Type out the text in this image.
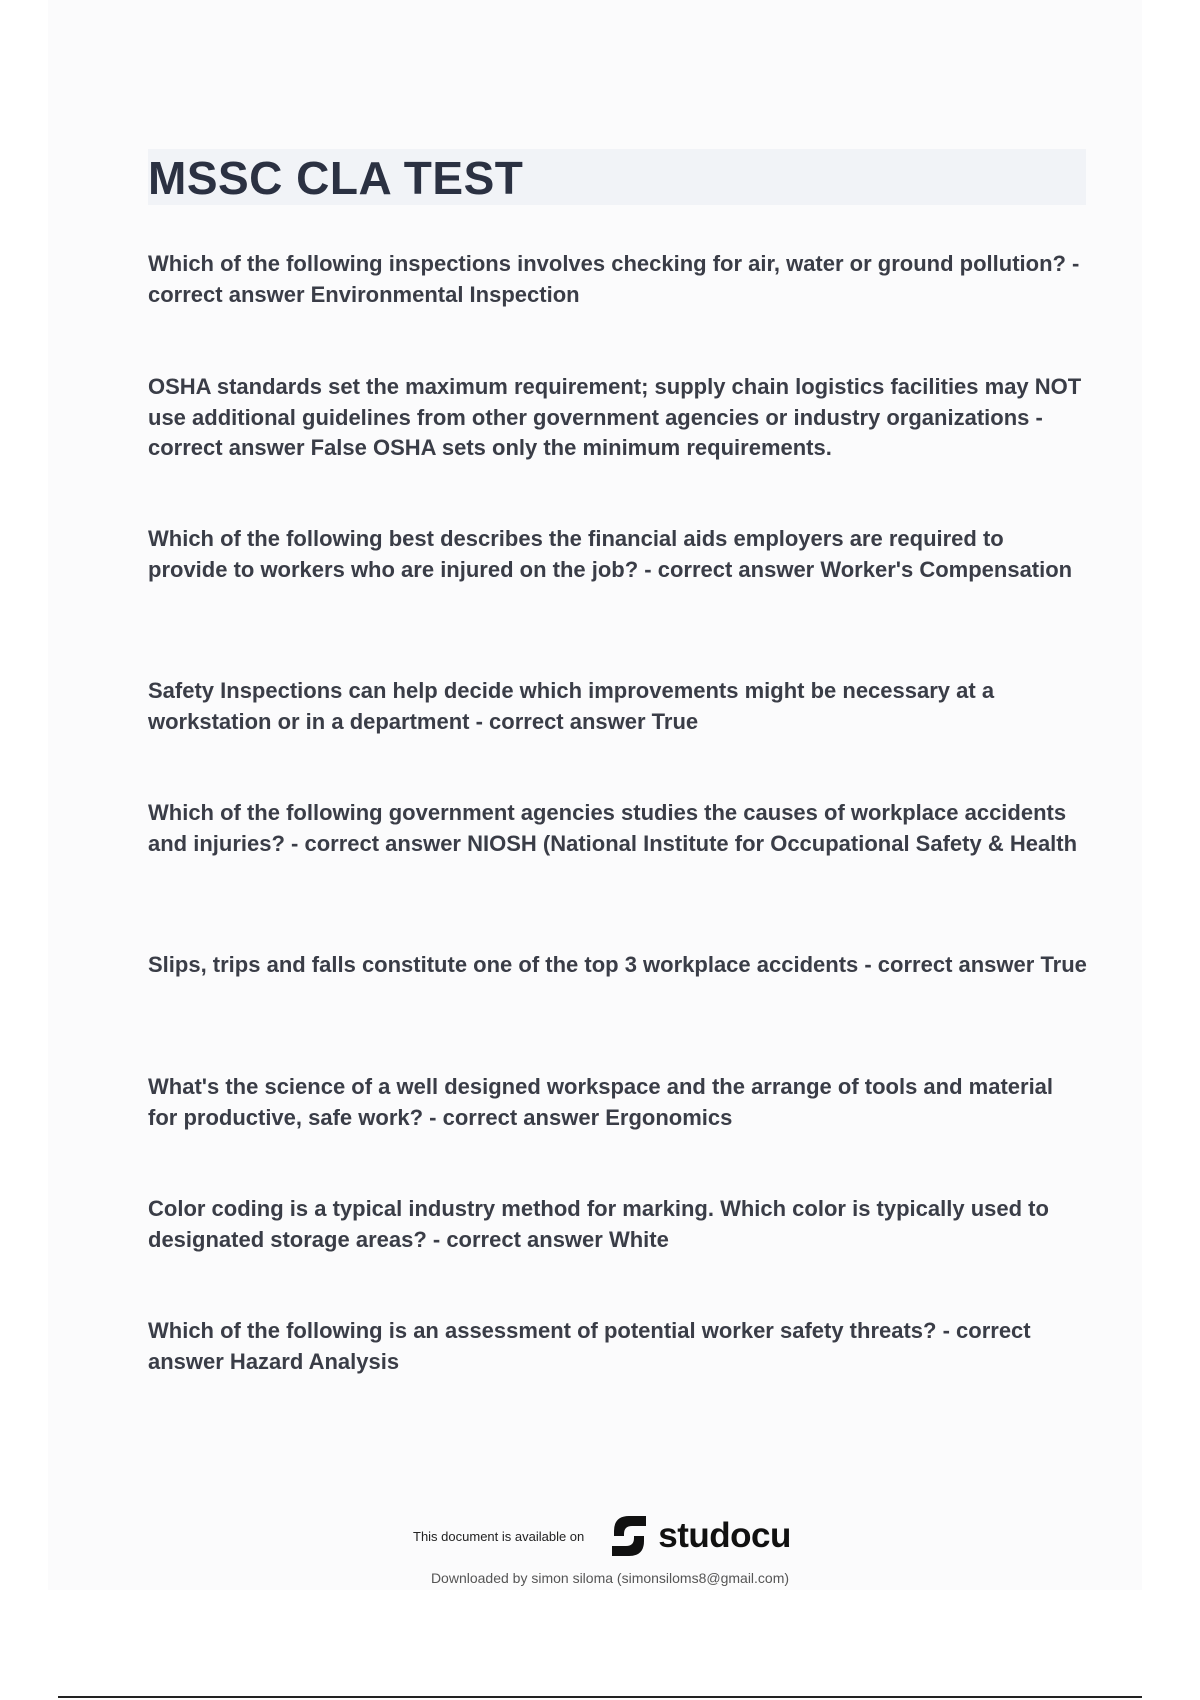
MSSC CLA TEST

Which of the following inspections involves checking for air, water or ground pollution? - correct answer Environmental Inspection

OSHA standards set the maximum requirement; supply chain logistics facilities may NOT use additional guidelines from other government agencies or industry organizations - correct answer False OSHA sets only the minimum requirements.

Which of the following best describes the financial aids employers are required to provide to workers who are injured on the job? - correct answer Worker's Compensation

Safety Inspections can help decide which improvements might be necessary at a workstation or in a department - correct answer True

Which of the following government agencies studies the causes of workplace accidents and injuries? - correct answer NIOSH (National Institute for Occupational Safety & Health

Slips, trips and falls constitute one of the top 3 workplace accidents - correct answer True

What's the science of a well designed workspace and the arrange of tools and material for productive, safe work? - correct answer Ergonomics

Color coding is a typical industry method for marking. Which color is typically used to designated storage areas? - correct answer White

Which of the following is an assessment of potential worker safety threats? - correct answer Hazard Analysis

This document is available on studocu
Downloaded by simon siloma (simonsiloms8@gmail.com)
